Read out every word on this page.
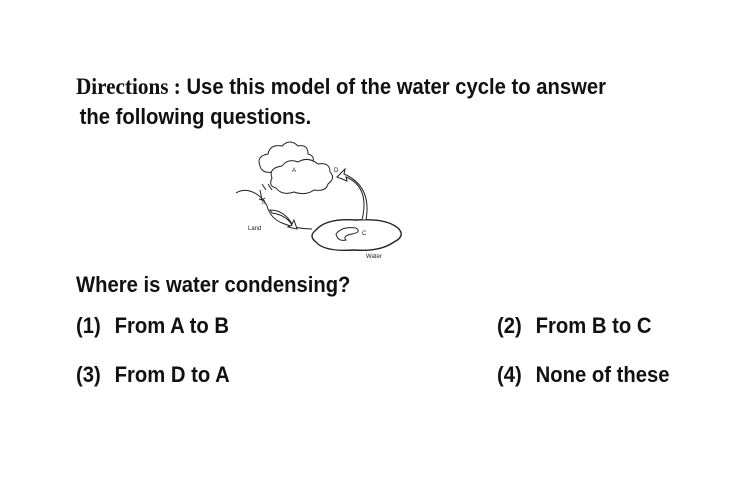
Directions : Use this model of the water cycle to answer
the following questions.
A
B
C
D
Land
Water
Where is water condensing?
(1) From A to B	(2) From B to C
(3) From D to A	(4) None of these
